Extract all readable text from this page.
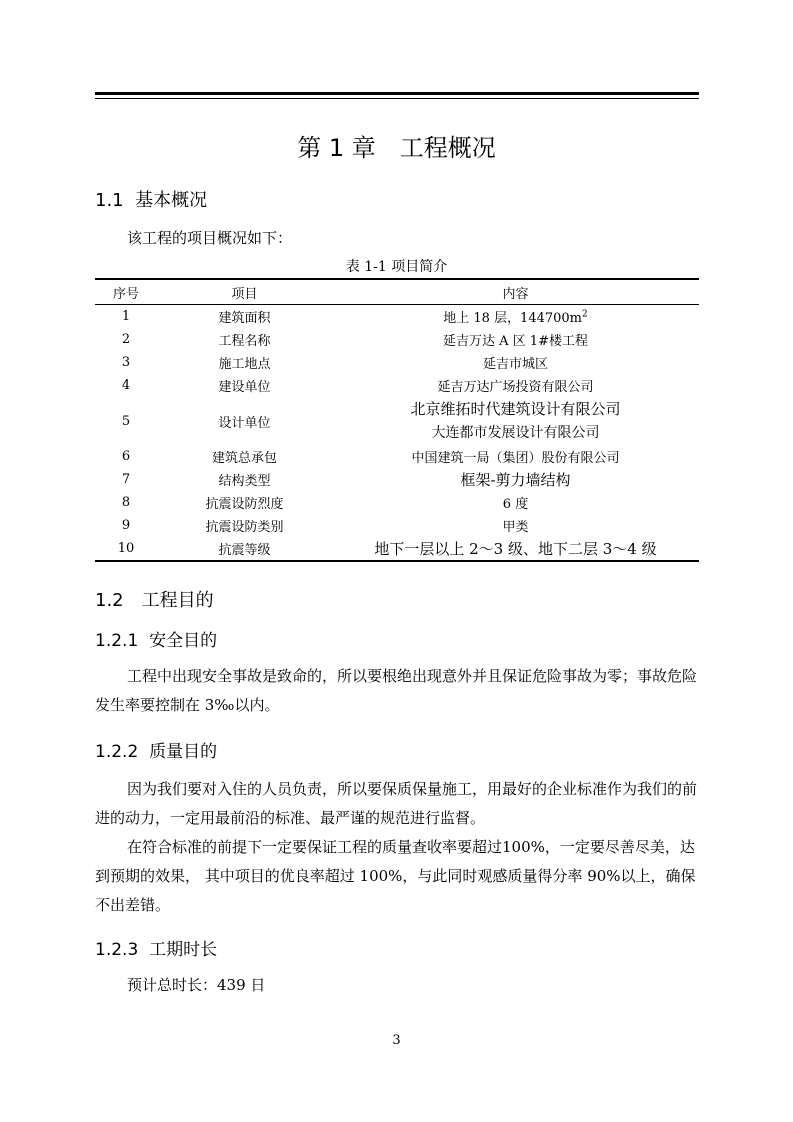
第 1 章　工程概况
1.1  基本概况
该工程的项目概况如下：
表 1-1 项目简介
序号	项目	内容
1	建筑面积	地上 18 层，$144700m^2$
2	工程名称	延吉万达 A 区 1#楼工程
3	施工地点	延吉市城区
4	建设单位	延吉万达广场投资有限公司
5	设计单位	北京维拓时代建筑设计有限公司
大连都市发展设计有限公司

6	建筑总承包	中国建筑一局（集团）股份有限公司
7	结构类型	框架-剪力墙结构
8	抗震设防烈度	6 度
9	抗震设防类别	甲类
10	抗震等级	地下一层以上 2～3 级、地下二层 3～4 级
1.2　工程目的
1.2.1  安全目的
工程中出现安全事故是致命的，所以要根绝出现意外并且保证危险事故为零；事故危险发生率要控制在 3‰以内。
1.2.2  质量目的
因为我们要对入住的人员负责，所以要保质保量施工，用最好的企业标准作为我们的前进的动力，一定用最前沿的标准、最严谨的规范进行监督。
在符合标准的前提下一定要保证工程的质量查收率要超过100%，一定要尽善尽美，达到预期的效果， 其中项目的优良率超过 100%，与此同时观感质量得分率 90%以上，确保不出差错。
1.2.3  工期时长
预计总时长：439 日
3
